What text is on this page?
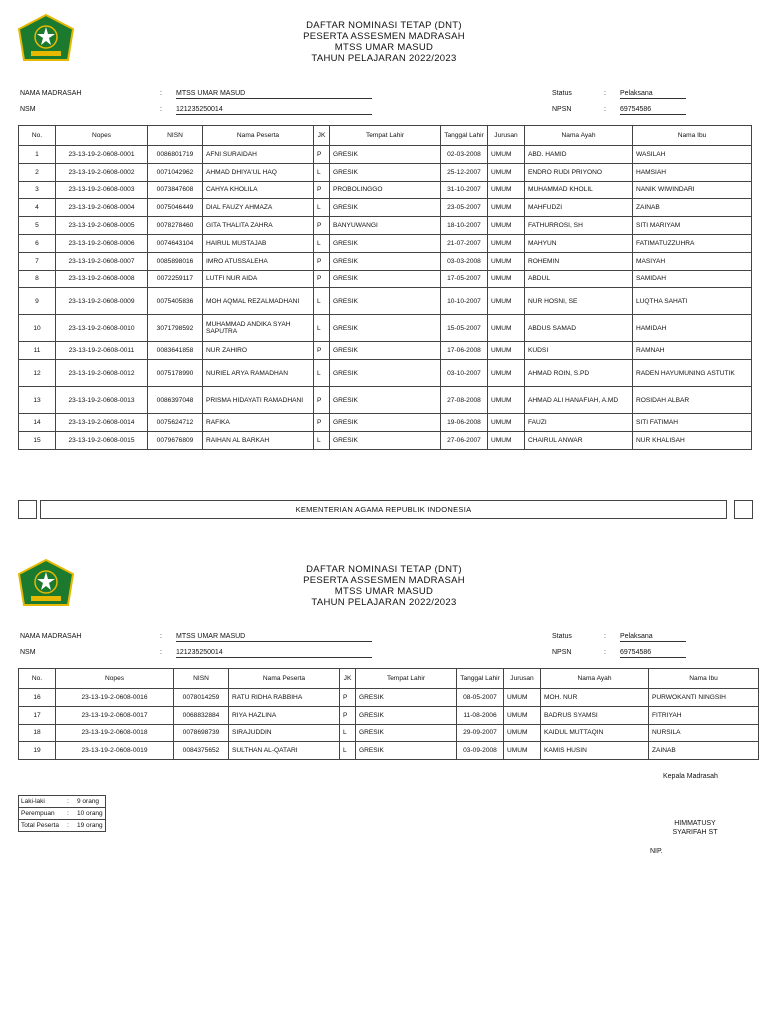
DAFTAR NOMINASI TETAP (DNT)
PESERTA ASSESMEN MADRASAH
MTSS UMAR MASUD
TAHUN PELAJARAN 2022/2023
NAMA MADRASAH	: MTSS UMAR MASUD
NSM	: 121235250014
Status	: Pelaksana
NPSN	: 69754586
No.	Nopes	NISN	Nama Peserta	JK	Tempat Lahir	Tanggal Lahir	Jurusan	Nama Ayah	Nama Ibu
1	23-13-19-2-0608-0001	0086801719	AFNI SURAIDAH	P	GRESIK	02-03-2008	UMUM	ABD. HAMID	WASILAH
2	23-13-19-2-0608-0002	0071042962	AHMAD DHIYA'UL HAQ	L	GRESIK	25-12-2007	UMUM	ENDRO RUDI PRIYONO	HAMSIAH
3	23-13-19-2-0608-0003	0073847608	CAHYA KHOLILA	P	PROBOLINGGO	31-10-2007	UMUM	MUHAMMAD KHOLIL	NANIK WIWINDARI
4	23-13-19-2-0608-0004	0075046449	DIAL FAUZY AHMAZA	L	GRESIK	23-05-2007	UMUM	MAHFUDZI	ZAINAB
5	23-13-19-2-0608-0005	0078278460	GITA THALITA ZAHRA	P	BANYUWANGI	18-10-2007	UMUM	FATHURROSI, SH	SITI MARIYAM
6	23-13-19-2-0608-0006	0074643104	HAIRUL MUSTAJAB	L	GRESIK	21-07-2007	UMUM	MAHYUN	FATIMATUZZUHRA
7	23-13-19-2-0608-0007	0085898016	IMRO ATUSSALEHA	P	GRESIK	03-03-2008	UMUM	ROHEMIN	MASIYAH
8	23-13-19-2-0608-0008	0072259117	LUTFI NUR AIDA	P	GRESIK	17-05-2007	UMUM	ABDUL	SAMIDAH
9	23-13-19-2-0608-0009	0075405836	MOH AQMAL REZALMADHANI	L	GRESIK	10-10-2007	UMUM	NUR HOSNI, SE	LUQTHA SAHATI
10	23-13-19-2-0608-0010	3071798592	MUHAMMAD ANDIKA SYAH SAPUTRA	L	GRESIK	15-05-2007	UMUM	ABDUS SAMAD	HAMIDAH
11	23-13-19-2-0608-0011	0083641858	NUR ZAHIRO	P	GRESIK	17-06-2008	UMUM	KUDSI	RAMNAH
12	23-13-19-2-0608-0012	0075178990	NURIEL ARYA RAMADHAN	L	GRESIK	03-10-2007	UMUM	AHMAD ROIN, S.PD	RADEN HAYUMUNING ASTUTIK
13	23-13-19-2-0608-0013	0086397048	PRISMA HIDAYATI RAMADHANI	P	GRESIK	27-08-2008	UMUM	AHMAD ALI HANAFIAH, A.MD	ROSIDAH ALBAR
14	23-13-19-2-0608-0014	0075624712	RAFIKA	P	GRESIK	19-06-2008	UMUM	FAUZI	SITI FATIMAH
15	23-13-19-2-0608-0015	0079676809	RAIHAN AL BARKAH	L	GRESIK	27-06-2007	UMUM	CHAIRUL ANWAR	NUR KHALISAH
KEMENTERIAN AGAMA REPUBLIK INDONESIA
DAFTAR NOMINASI TETAP (DNT)
PESERTA ASSESMEN MADRASAH
MTSS UMAR MASUD
TAHUN PELAJARAN 2022/2023
NAMA MADRASAH	: MTSS UMAR MASUD
NSM	: 121235250014
Status	: Pelaksana
NPSN	: 69754586
No.	Nopes	NISN	Nama Peserta	JK	Tempat Lahir	Tanggal Lahir	Jurusan	Nama Ayah	Nama Ibu
16	23-13-19-2-0608-0016	0078014259	RATU RIDHA RABBIHA	P	GRESIK	08-05-2007	UMUM	MOH. NUR	PURWOKANTI NINGSIH
17	23-13-19-2-0608-0017	0068832884	RIYA HAZLINA	P	GRESIK	11-08-2006	UMUM	BADRUS SYAMSI	FITRIYAH
18	23-13-19-2-0608-0018	0078698739	SIRAJUDDIN	L	GRESIK	29-09-2007	UMUM	KAIDUL MUTTAQIN	NURSILA
19	23-13-19-2-0608-0019	0084375652	SULTHAN AL-QATARI	L	GRESIK	03-09-2008	UMUM	KAMIS HUSIN	ZAINAB
Kepala Madrasah
HIMMATUSY
SYARIFAH ST
NIP.
Laki-laki	: 9 orang
Perempuan : 10 orang
Total Peserta : 19 orang
